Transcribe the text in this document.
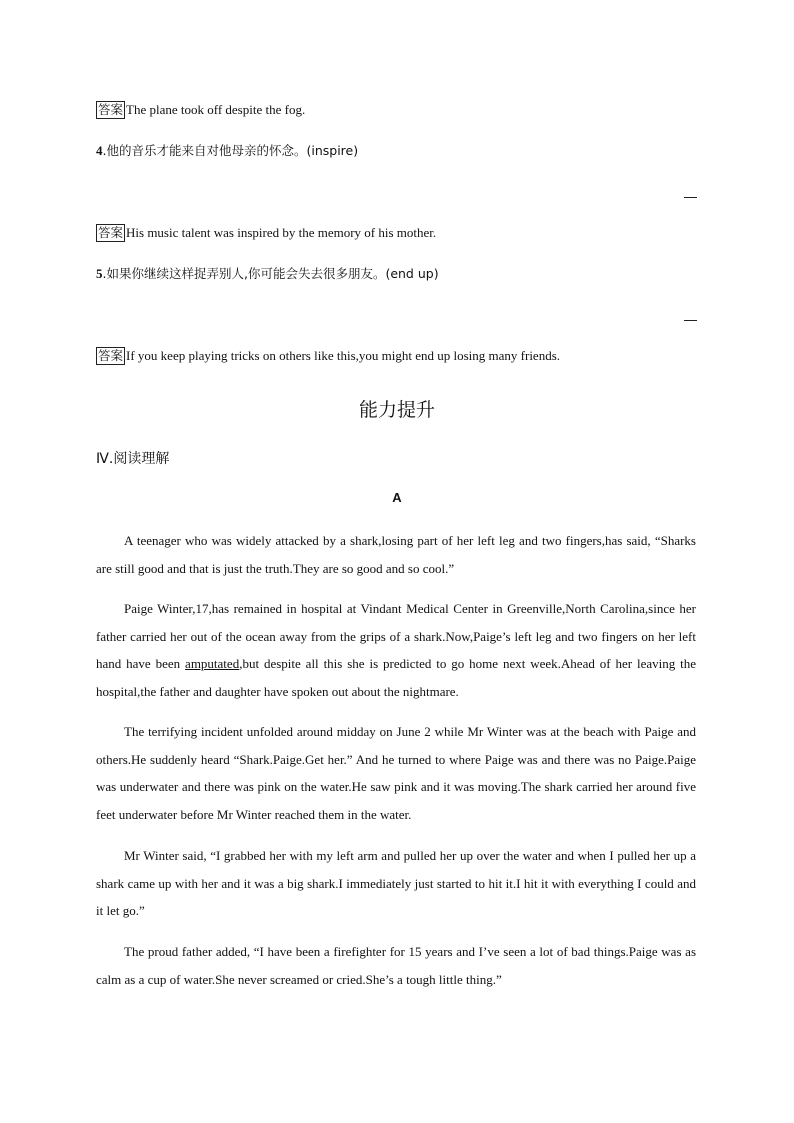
答案 The plane took off despite the fog.
4.他的音乐才能来自对他母亲的怀念。(inspire)
答案 His music talent was inspired by the memory of his mother.
5.如果你继续这样捉弄别人,你可能会失去很多朋友。(end up)
答案 If you keep playing tricks on others like this,you might end up losing many friends.
能力提升
Ⅳ.阅读理解
A

A teenager who was widely attacked by a shark,losing part of her left leg and two fingers,has said, “Sharks are still good and that is just the truth.They are so good and so cool.”

Paige Winter,17,has remained in hospital at Vindant Medical Center in Greenville,North Carolina,since her father carried her out of the ocean away from the grips of a shark.Now,Paige’s left leg and two fingers on her left hand have been amputated,but despite all this she is predicted to go home next week.Ahead of her leaving the hospital,the father and daughter have spoken out about the nightmare.

The terrifying incident unfolded around midday on June 2 while Mr Winter was at the beach with Paige and others.He suddenly heard “Shark.Paige.Get her.” And he turned to where Paige was and there was no Paige.Paige was underwater and there was pink on the water.He saw pink and it was moving.The shark carried her around five feet underwater before Mr Winter reached them in the water.

Mr Winter said, “I grabbed her with my left arm and pulled her up over the water and when I pulled her up a shark came up with her and it was a big shark.I immediately just started to hit it.I hit it with everything I could and it let go.”

The proud father added, “I have been a firefighter for 15 years and I’ve seen a lot of bad things.Paige was as calm as a cup of water.She never screamed or cried.She’s a tough little thing.”
